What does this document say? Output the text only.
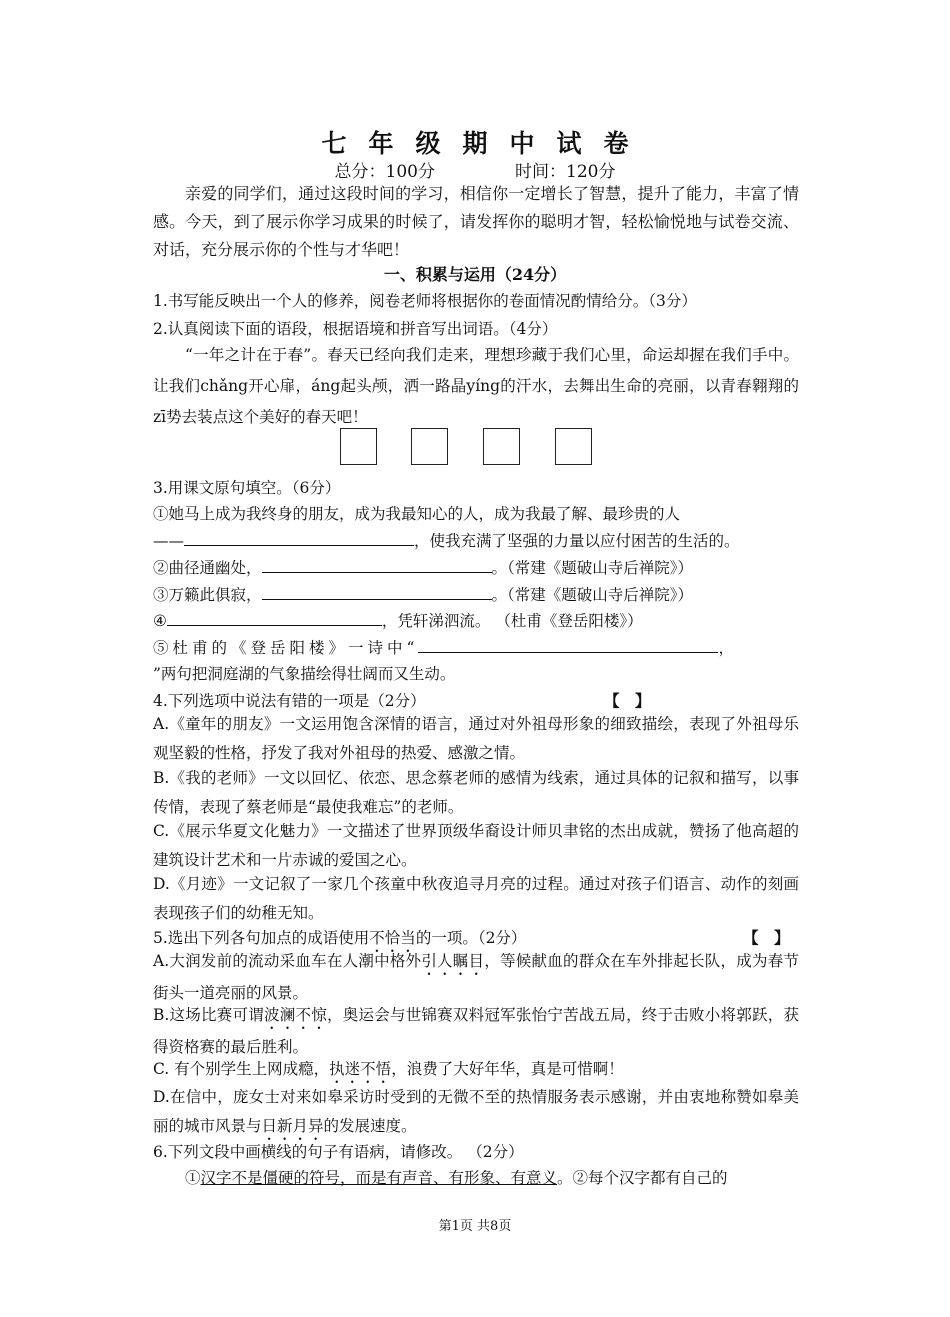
七年级期中试卷
总分：100分	时间：120分

亲爱的同学们，通过这段时间的学习，相信你一定增长了智慧，提升了能力，丰富了情感。今天，到了展示你学习成果的时候了，请发挥你的聪明才智，轻松愉悦地与试卷交流、对话，充分展示你的个性与才华吧！

一、积累与运用（24分）
1.书写能反映出一个人的修养，阅卷老师将根据你的卷面情况酌情给分。（3分）
2.认真阅读下面的语段，根据语境和拼音写出词语。（4分）

“一年之计在于春”。春天已经向我们走来，理想珍藏于我们心里，命运却握在我们手中。让我们chǎng开心扉，áng起头颅，洒一路晶yíng的汗水，去舞出生命的亮丽，以青春翱翔的zī势去装点这个美好的春天吧！

3.用课文原句填空。（6分）
①她马上成为我终身的朋友，成为我最知心的人，成为我最了解、最珍贵的人
——	，使我充满了坚强的力量以应付困苦的生活的。
②曲径通幽处，	。（常建《题破山寺后禅院》）
③万籁此俱寂，	。（常建《题破山寺后禅院》）
④	，凭轩涕泗流。 （杜甫《登岳阳楼》）
⑤杜甫的《登岳阳楼》一诗中“	，
”两句把洞庭湖的气象描绘得壮阔而又生动。
4.下列选项中说法有错的一项是（2分）	【　】

A.《童年的朋友》一文运用饱含深情的语言，通过对外祖母形象的细致描绘，表现了外祖母乐观坚毅的性格，抒发了我对外祖母的热爱、感激之情。

B.《我的老师》一文以回忆、依恋、思念蔡老师的感情为线索，通过具体的记叙和描写，以事传情，表现了蔡老师是“最使我难忘”的老师。

C.《展示华夏文化魅力》一文描述了世界顶级华裔设计师贝聿铭的杰出成就，赞扬了他高超的建筑设计艺术和一片赤诚的爱国之心。

D.《月迹》一文记叙了一家几个孩童中秋夜追寻月亮的过程。通过对孩子们语言、动作的刻画表现孩子们的幼稚无知。

5.选出下列各句加点的成语使用不恰当的一项。（2分）	【　】

A.大润发前的流动采血车在人潮中格外引人瞩目，等候献血的群众在车外排起长队，成为春节街头一道亮丽的风景。

B.这场比赛可谓波澜不惊，奥运会与世锦赛双料冠军张怡宁苦战五局，终于击败小将郭跃，获得资格赛的最后胜利。

C. 有个别学生上网成瘾，执迷不悟，浪费了大好年华，真是可惜啊！

D.在信中，庞女士对来如皋采访时受到的无微不至的热情服务表示感谢，并由衷地称赞如皋美丽的城市风景与日新月异的发展速度。

6.下列文段中画横线的句子有语病，请修改。 （2分）
①汉字不是僵硬的符号，而是有声音、有形象、有意义。②每个汉字都有自己的
第1页 共8页
